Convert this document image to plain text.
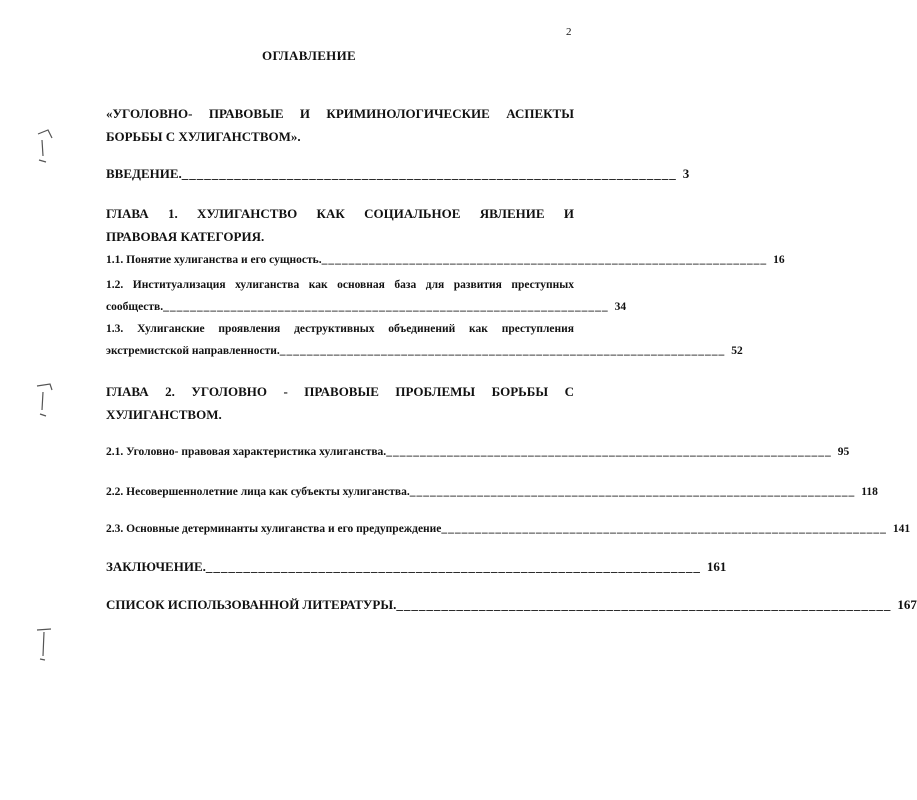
2
ОГЛАВЛЕНИЕ
«УГОЛОВНО- ПРАВОВЫЕ И КРИМИНОЛОГИЧЕСКИЕ АСПЕКТЫ
БОРЬБЫ С ХУЛИГАНСТВОМ».
ВВЕДЕНИЕ. __________________________________________________________________ 3
ГЛАВА 1. ХУЛИГАНСТВО КАК СОЦИАЛЬНОЕ ЯВЛЕНИЕ И
ПРАВОВАЯ КАТЕГОРИЯ.
1.1. Понятие хулиганства и его сущность. __________________________________________________________________ 16
1.2. Институализация хулиганства как основная база для развития преступных
сообществ. __________________________________________________________________ 34
1.3. Хулиганские проявления деструктивных объединений как преступления
экстремистской направленности. __________________________________________________________________ 52
ГЛАВА 2. УГОЛОВНО - ПРАВОВЫЕ ПРОБЛЕМЫ БОРЬБЫ С
ХУЛИГАНСТВОМ.
2.1. Уголовно- правовая характеристика хулиганства. __________________________________________________________________ 95
2.2. Несовершеннолетние лица как субъекты хулиганства. __________________________________________________________________ 118
2.3. Основные детерминанты хулиганства и его предупреждение __________________________________________________________________ 141
ЗАКЛЮЧЕНИЕ. __________________________________________________________________ 161
СПИСОК ИСПОЛЬЗОВАННОЙ ЛИТЕРАТУРЫ. __________________________________________________________________ 167
